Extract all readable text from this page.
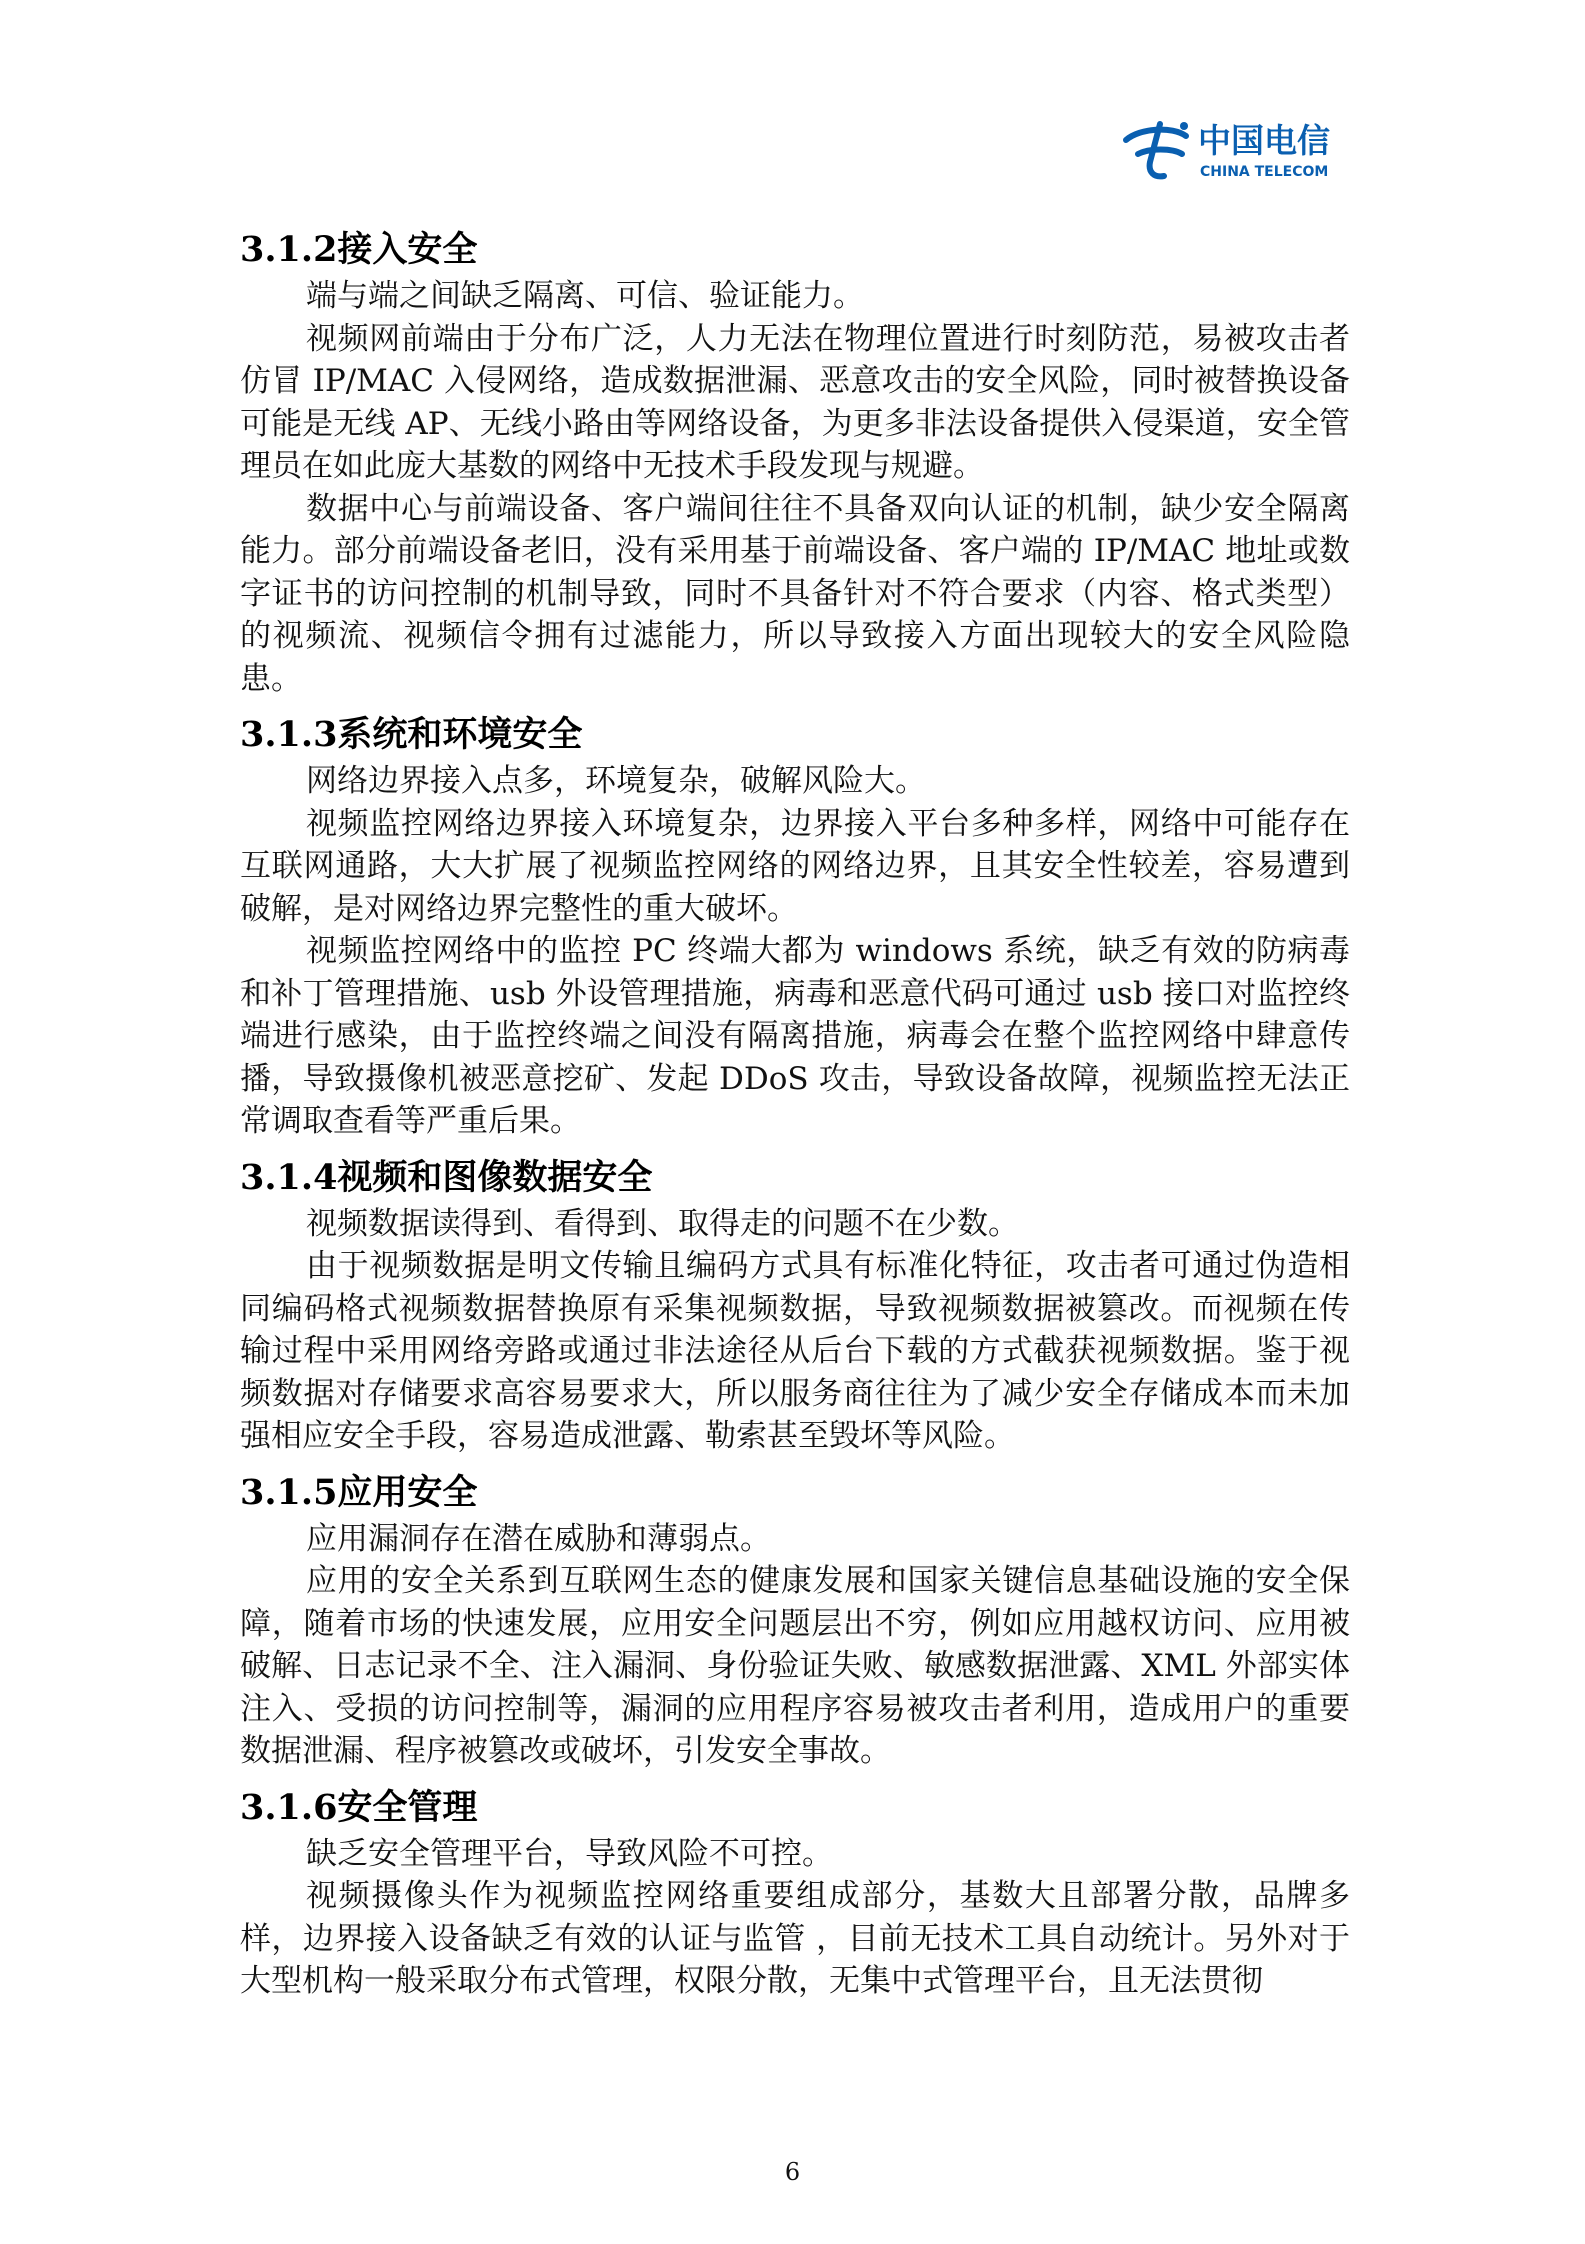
中国电信
CHINA TELECOM
3.1.2接入安全

端与端之间缺乏隔离、可信、验证能力。

视频网前端由于分布广泛，人力无法在物理位置进行时刻防范，易被攻击者仿冒 IP/MAC 入侵网络，造成数据泄漏、恶意攻击的安全风险，同时被替换设备可能是无线 AP、无线小路由等网络设备，为更多非法设备提供入侵渠道，安全管理员在如此庞大基数的网络中无技术手段发现与规避。

数据中心与前端设备、客户端间往往不具备双向认证的机制，缺少安全隔离能力。部分前端设备老旧，没有采用基于前端设备、客户端的 IP/MAC 地址或数字证书的访问控制的机制导致，同时不具备针对不符合要求（内容、格式类型）的视频流、视频信令拥有过滤能力，所以导致接入方面出现较大的安全风险隐患。

3.1.3系统和环境安全

网络边界接入点多，环境复杂，破解风险大。

视频监控网络边界接入环境复杂，边界接入平台多种多样，网络中可能存在互联网通路，大大扩展了视频监控网络的网络边界，且其安全性较差，容易遭到破解，是对网络边界完整性的重大破坏。

视频监控网络中的监控 PC 终端大都为 windows 系统，缺乏有效的防病毒和补丁管理措施、usb 外设管理措施，病毒和恶意代码可通过 usb 接口对监控终端进行感染，由于监控终端之间没有隔离措施，病毒会在整个监控网络中肆意传播，导致摄像机被恶意挖矿、发起 DDoS 攻击，导致设备故障，视频监控无法正常调取查看等严重后果。

3.1.4视频和图像数据安全

视频数据读得到、看得到、取得走的问题不在少数。

由于视频数据是明文传输且编码方式具有标准化特征，攻击者可通过伪造相同编码格式视频数据替换原有采集视频数据，导致视频数据被篡改。而视频在传输过程中采用网络旁路或通过非法途径从后台下载的方式截获视频数据。鉴于视频数据对存储要求高容易要求大，所以服务商往往为了减少安全存储成本而未加强相应安全手段，容易造成泄露、勒索甚至毁坏等风险。

3.1.5应用安全

应用漏洞存在潜在威胁和薄弱点。

应用的安全关系到互联网生态的健康发展和国家关键信息基础设施的安全保障，随着市场的快速发展，应用安全问题层出不穷，例如应用越权访问、应用被破解、日志记录不全、注入漏洞、身份验证失败、敏感数据泄露、XML 外部实体注入、受损的访问控制等，漏洞的应用程序容易被攻击者利用，造成用户的重要数据泄漏、程序被篡改或破坏，引发安全事故。

3.1.6安全管理

缺乏安全管理平台，导致风险不可控。

视频摄像头作为视频监控网络重要组成部分，基数大且部署分散，品牌多样，边界接入设备缺乏有效的认证与监管 ，目前无技术工具自动统计。另外对于大型机构一般采取分布式管理，权限分散，无集中式管理平台，且无法贯彻

6
